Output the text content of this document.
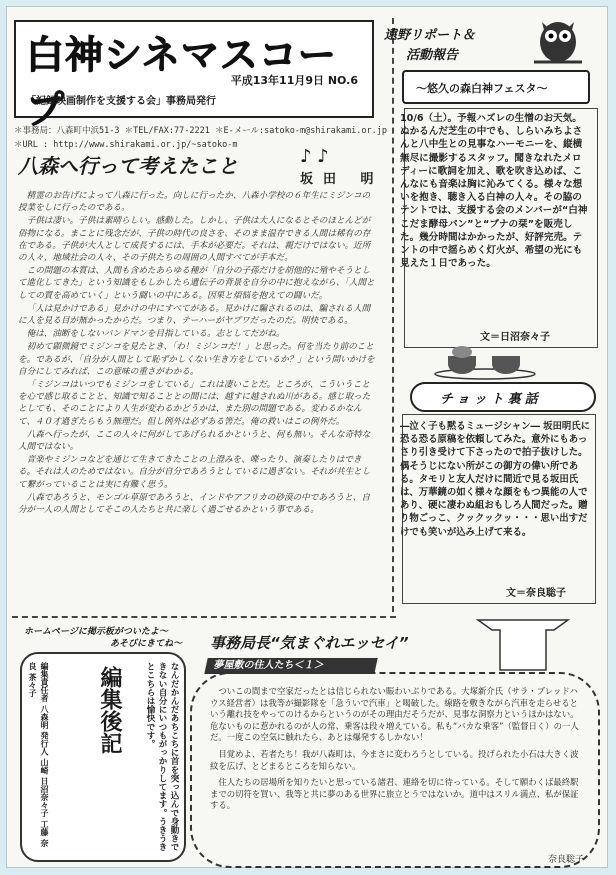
白神シネマスコープ
平成13年11月9日 NO.6
「記録映画制作を支援する会」事務局発行
＊事務局：八森町中浜51-3 ＊TEL/FAX:77-2221 ＊E-メール:satoko-m@shirakami.or.jp
＊URL : http://www.shirakami.or.jp/~satoko-m
八森へ行って考えたこと	♪ ♪
坂田 明

精霊のお告げによって八森に行った。向しに行ったか、八森小学校の６年生にミジンコの授業をしに行ったのである。

子供は凄い。子供は素晴らしい。感動した。しかし、子供は大人になるとそのほとんどが俗物になる。まことに残念だが、子供の時代の良さを、そのまま温存できる人間は稀有の存在である。子供が大人として成長するには、手本が必要だ。それは、親だけではない。近所の人々、地域社会の人々、その子供たちの周囲の人間すべてが手本だ。

この問題の本質は、人間も含めたあらゆる種が「自分の子孫だけを胡他的に殖やそうとして進化してきた」という知識をもしかしたら遺伝子の背景を自分の中に抱えながら、「人間としての質を高めていく」という闘いの中にある。因果と煩悩を抱えての闘いだ。

「人は見かけである」見かけの中にすべてがある。見かけに騙されるのは、騙される人間に人を見る目が無かったからだ。つまり、テーハーがヤブワだったのだ。明快である。

俺は、油断をしないバンドマンを目指している。志としてだがね。

初めて顕微鏡でミジンコを見たとき、「わ！ミジンコだ！」と思った。何を当たり前のことを。であるが、「自分が人間として恥ずかしくない生き方をしているか？」という問いかけを自分にしてみれば、この意味の重さがわかる。

「ミジンコはいつでもミジンコをしている」これは凄いことだ。ところが、こういうことを心で感じ取ることと、知識で知ることとの間には、越すに越されぬ川がある。感じ取ったとしても、そのことにより人生が変わるかどうかは、また別の問題である。変わるかなんて、４０才過ぎたらもう無理だ。但し例外は必ずある筈だ。俺の救いはこの例外だ。

八森へ行ったが、ここの人々に何がしてあげられるかというと、何も無い。そんな奇特な人間ではない。

音楽やミジンコなどを通じて生きてきたことの上澄みを、喋ったり、演奏したりはできる。それは人のためではない。自分が自分であろうとしているに過ぎない。それが共生として繋がっていることは実に有難く思う。

八森であろうと、モンゴル草原であろうと、インドやアフリカの砂漠の中であろうと、自分が一人の人間としてそこの人たちと共に楽しく過ごせるかという事である。

遠野リポート＆
活動報告
〜悠久の森白神フェスタ〜
10/6（土）。予報ハズレの生憎のお天気。ぬかるんだ芝生の中でも、しらいみちよさんと八中生との見事なハーモニーを、縦横無尽に撮影するスタッフ。聞きなれたメロディーに歌詞を加え、歌を吹き込めば、こんなにも音楽は胸に沁みてくる。様々な想いを抱き、聴き入る白神の人々。その脇のテントでは、支援する会のメンバーが“白神こだま酵母パン”と“ブナの栞”を販売した。幾分時間はかかったが、好評完売。テントの中で揺らめく灯火が、希望の光にも見えた１日であった。
文＝日沼奈々子
チョット裏話
―泣く子も黙るミュージシャン― 坂田明氏に恐る恐る原稿を依頼してみた。意外にもあっさり引き受けて下さったので拍子抜けした。偶そうじにない所がこの御方の偉い所である。タモリと友人だけに間近で見る坂田氏は、万華鏡の如く様々な顔をもつ異能の人であり、硬に凄わぬ組おもしろ人間だった。贈り物ごっこ、クックックッ・・・思い出すだけでも笑いが込み上げて来る。
文＝奈良聡子
ホームページに掲示板がついたよ〜
あそびにきてね〜
編集責任者 八森明 発行人 山崎 日沼奈々子 工藤 奈良 茶々子	編集後記	なんだかんだあちこちに首を突っ込んで身動きできない自分にいつもがっかりしてます。うきうきとこちらは愉快です。
事務局長“気まぐれエッセイ”
夢屋敷の住人たち＜１＞

ついこの間まで空家だったとは信じられない賑わいぶりである。大塚新介氏（サラ・ブレッドハウス経営者）は我等が撮影隊を「急ういで汽車」と喝破した。線路を敷きながら汽車を走らせるという離れ技をやってのけるからというのがその理由だそうだが、見事な洞察力というほかはない。危ないものに惹かれるのが人の常、乗客は段々増えている。私も“バカな乗客”（監督日く）の一人だ。一度この空気に触れたら、あとは爆発するしかない！

目覚めよ、若者たち！我が八森町は、今まさに変わろうとしている。投げられた小石は大きく波紋を広げ、とどまるところを知らない。

住人たちの居場所を知りたいと思っている諸君、連絡を切に待っている。そして願わくば最終駅までの切符を買い、我等と共に夢のある世界に旅立とうではないか。道中はスリル満点、私が保証する。

奈良聡子
